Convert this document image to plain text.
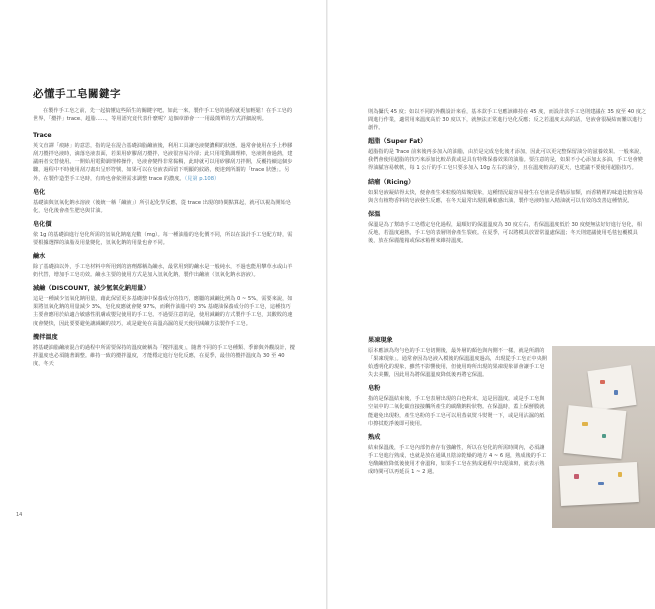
必懂手工皂關鍵字

在製作手工皂之前，先一起搞懂這些陌生的關鍵字吧。如此一來，製作手工皂的過程就更加輕鬆！在手工皂的世界，「攪拌」trace、超脂……，等用語究竟代表什麼呢？這個章節會一一用最簡單的方式詳細說明。

Trace

英文直譯「痕跡」的意思，指的是在混合基礎油脂鹼液後，利用工具讓皂液變濃稠的狀態。過常會使用在手上秒膠刮刀攪拌皂液時，滴落皂液表面，若果用矽膠刮刀攪拌，皂液很容易冷卻；此只用電動調理棒，皂液則會過熱，建議兩者交替使用。一開始用電動調理棒操作，皂液會變得非常黏稠，此時就可以用矽膠刮刀拌開，反覆持續這個步驟，過程中不時使用刮刀畫出呈形符號，如果可以在皂液表面留下明顯的紋路，便達到所謂的「trace 狀態」。另外，在製作造型手工皂時，有時也會依照需求調整 trace 的濃度。（見第 p.108）

皂化

基礎油與氫氧化鈉水溶液（後統一稱「鹼液」）所引起化學反應，從 trace 出現的時間點算起，就可以視為開始皂化，皂化後會產生肥皂與甘油。

皂化價

依 1g 的基礎油進行皂化所需的氫氧化鈉毫克數（mg）。每一種油脂的皂化價不同，所以在設計手工皂配方時，需要根據選擇的油脂及用量變化，氫氧化鈉的用量也會不同。

鹼水

除了基礎油以外，手工皂材料中所用到的溶劑都稱為鹼水，最常用到的鹼水是一般純水，不過也能用攀草水或山羊奶代替，增加手工皂功效。鹼水主要的使用方式是加入氫氧化鈉，製作出鹼液（氫氧化鈉水溶液）。

減鹼（DISCOUNT，減少氫氧化鈉用量）

這是一種減少氫氧化鈉用量，藉此保留更多基礎油中保養成分的技巧，應屬的減鹼比例為 0 ~ 5%，需要來說，如果將氫氧化鈉的用量減少 3%，皂化度應就會變 97%，而剩作油脂中的 3% 基礎油保養成分的手工皂，這種技巧主要會應用於給適合敏感性肌膚或嬰兒使用的手工皂。不過要注意的是，使用減鹼的方式製作手工皂，其酸敗的速度會變快，因此要要避免讓減鹼的技巧，或是避免在高溫高濕的夏天使用減鹼方法製作手工皂。

攪拌溫度

將基礎油脂鹼液混合的過程中所需要保持的溫度統稱為「攪拌溫度」，隨著不同的手工皂種類、季節與外觀設計，攪拌溫度也必須隨著調整。維持一致的攪拌溫度，才能穩定進行皂化反應，在夏季，最佳的攪拌溫度為 30 至 40 度，冬天

14

則為攝氏 45 度；如以不同的外觀設計來看，基本款手工皂應該維持在 45 度，而設計款手工皂則建議在 35 度至 40 度之間進行作業，適常用來溫度高於 30 度以下，就無法正常進行皂化反應；反之若溫度太高的話，皂液會很凝結而難以進行創作。

超脂（Super Fat）

超脂指的是 Trace 前來後再多加入的油脂，由於是完成皂化後才添加，因此可以更完整保留油分的滋養效果。一般來說，我們會使用超脂的技巧來添加比較昂貴或是具有特殊保養效果的油脂。要注意的是，如果不小心添加太多油，手工皂會變得油膩容易軟軟，每 1 公斤的手工皂只要多加入 10g 左右的油分，且在溫度較高的夏天，也建議不要使用超脂技巧。

結瘤（Ricing）

如果皂液凝結得太快，便會產生米粒般的結塊現象，這種情況最容易發生在皂液是香精添加類，而香精裡的味道比較容易與含有植物香料的皂液發生反應，在冬天最常出現肌膚敏感出油，製作皂液時加入精油就可以有效的改善這種情況。

保溫

保溫是為了幫助手工皂穩定皂化過程，最順好的保溫溫度為 30 度左右，若保溫溫度低於 30 度便無法好好進行皂化，相反地，若溫度過熱，手工皂的表層則會產生裂痕。在夏季，可以將模具放置常溫處保溫；冬天則建議使用毛毯包覆模具後，放在保麗龍箱或保冰箱裡來維持溫度。

果凍現象

原本應該為均勻色的手工皂切開後，最外層的顏色與內側不一樣，就是所謂的「果凍現象」。通常會因為皂液入模後的保溫溫度過高，出現從手工皂正中央開始透明化的現象，雖然不影響使用，但使用時所出現的果凍現象卻會讓手工皂失去美觀，因此用為將保溫溫度降低後再將它保溫。

皂粉

指的是保溫結束後，手工皂表層出現的白色粉末，這是因溫度，或是手工皂與空氣中的二氧化碳直接接觸所產生的碳酸鈉粉狀物。在保溫時，蓋上保鮮膜就能避免出現粉，產生皂粉的手工皂可以用蒸氣熨斗熨燙一下，或是用沾濕的紙巾擦拭乾淨後即可使用。

熟成

結束保溫後，手工皂內部仍會存有強鹼性，所以在皂化的所需時間內，必須讓手工皂進行熟成，也就是放在通風且陰涼乾燥的地方 4 ~ 6 週，熟成後的手工皂酸鹼值降低後使用才會溫和，如果手工皂在熟成過程中出現油斑，就表示熟成時間可以再延長 1 ~ 2 週。
